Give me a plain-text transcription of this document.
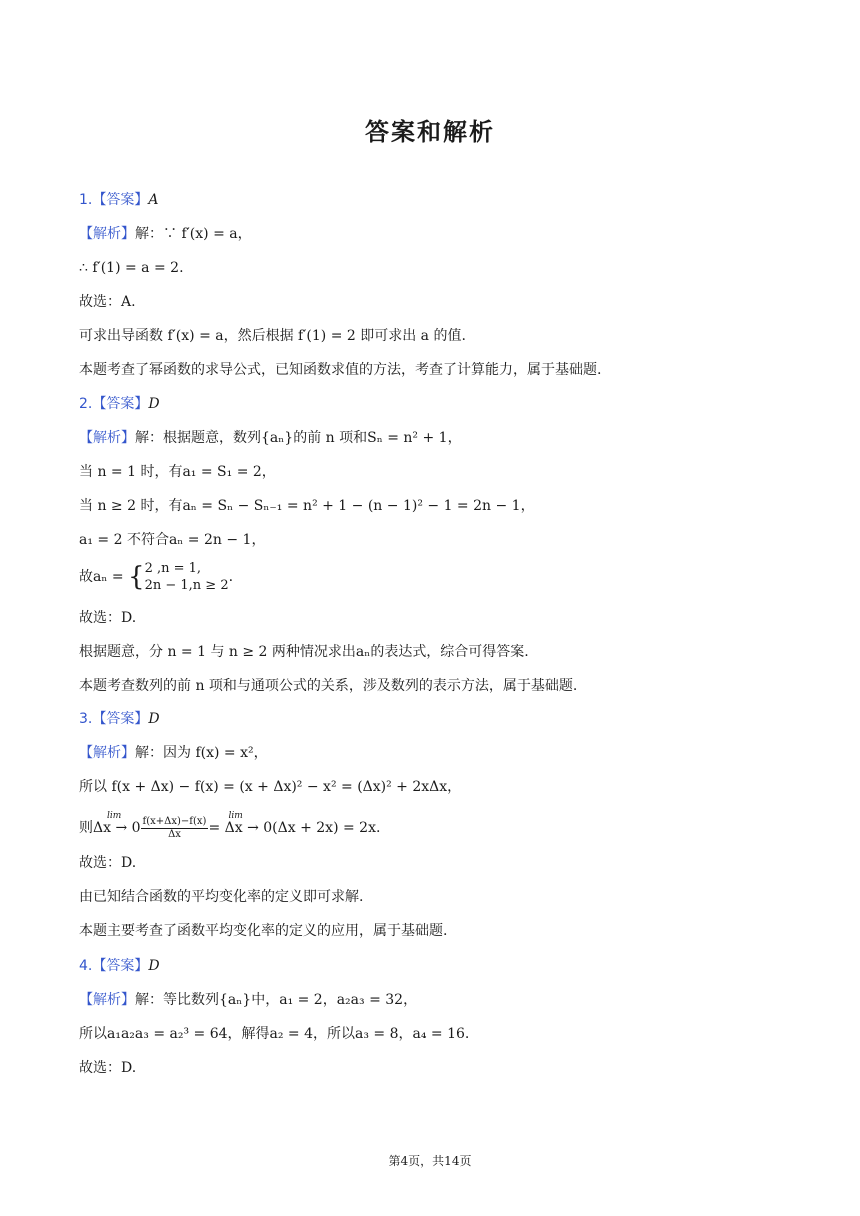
答案和解析
1.【答案】A
【解析】解：∵ f′(x) = a，
∴ f′(1) = a = 2.
故选：A.
可求出导函数 f′(x) = a，然后根据 f′(1) = 2 即可求出 a 的值.
本题考查了幂函数的求导公式，已知函数求值的方法，考查了计算能力，属于基础题.
2.【答案】D
【解析】解：根据题意，数列{aₙ}的前 n 项和Sₙ = n² + 1，
当 n = 1 时，有a₁ = S₁ = 2，
当 n ≥ 2 时，有aₙ = Sₙ − Sₙ₋₁ = n² + 1 − (n − 1)² − 1 = 2n − 1，
a₁ = 2 不符合aₙ = 2n − 1，
故aₙ = { 2 ,n = 1,
2n − 1,n ≥ 2
.
故选：D.
根据题意，分 n = 1 与 n ≥ 2 两种情况求出aₙ的表达式，综合可得答案.
本题考查数列的前 n 项和与通项公式的关系，涉及数列的表示方法，属于基础题.
3.【答案】D
【解析】解：因为 f(x) = x²，
所以 f(x + Δx) − f(x) = (x + Δx)² − x² = (Δx)² + 2xΔx，
lim
则$\Delta x \to 0 \frac{f(x+\Delta x)-f(x)}{\Delta x}$ lim
= Δx → 0(Δx + 2x) = 2x.
故选：D.
由已知结合函数的平均变化率的定义即可求解.
本题主要考查了函数平均变化率的定义的应用，属于基础题.
4.【答案】D
【解析】解：等比数列{aₙ}中，a₁ = 2，a₂a₃ = 32，
所以a₁a₂a₃ = a₂³ = 64，解得a₂ = 4，所以a₃ = 8，a₄ = 16.
故选：D.
第4页，共14页
